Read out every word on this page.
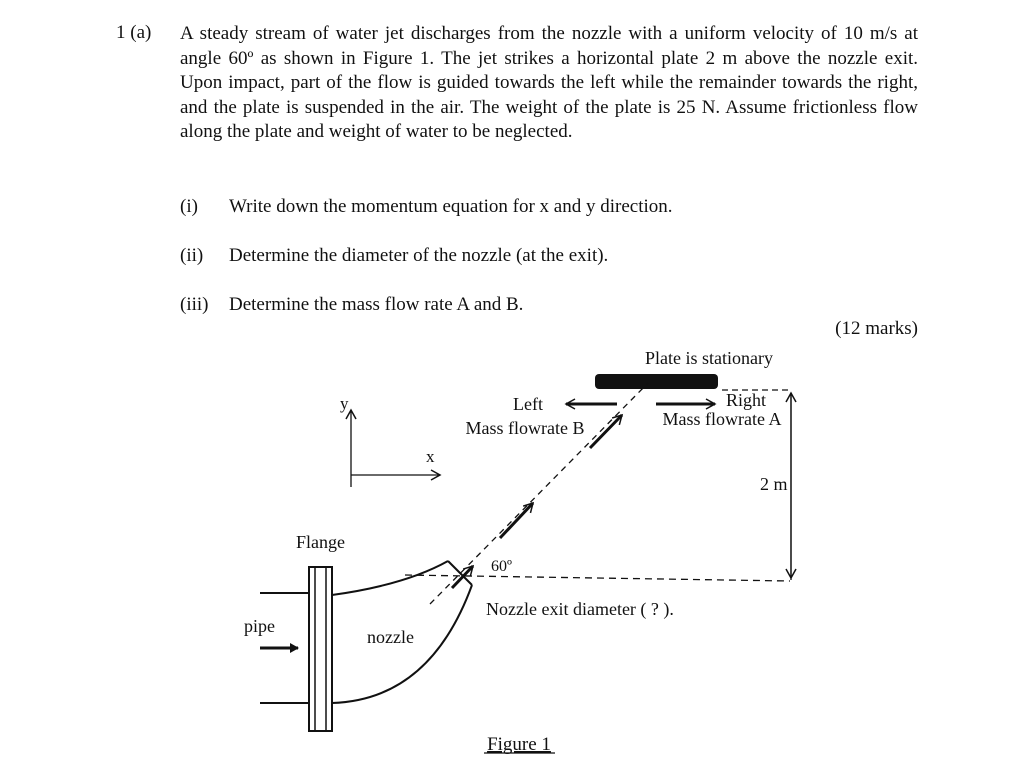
1 (a) A steady stream of water jet discharges from the nozzle with a uniform velocity of 10 m/s at angle 60º as shown in Figure 1. The jet strikes a horizontal plate 2 m above the nozzle exit. Upon impact, part of the flow is guided towards the left while the remainder towards the right, and the plate is suspended in the air. The weight of the plate is 25 N. Assume frictionless flow along the plate and weight of water to be neglected.

(i) Write down the momentum equation for x and y direction.
(ii) Determine the diameter of the nozzle (at the exit).
(iii) Determine the mass flow rate A and B.
(12 marks)
Plate is stationary
Left
Mass flowrate B
Right
Mass flowrate A
2 m
60º
Nozzle exit diameter ( ? ).
y
x
Flange
pipe
nozzle
Figure 1
